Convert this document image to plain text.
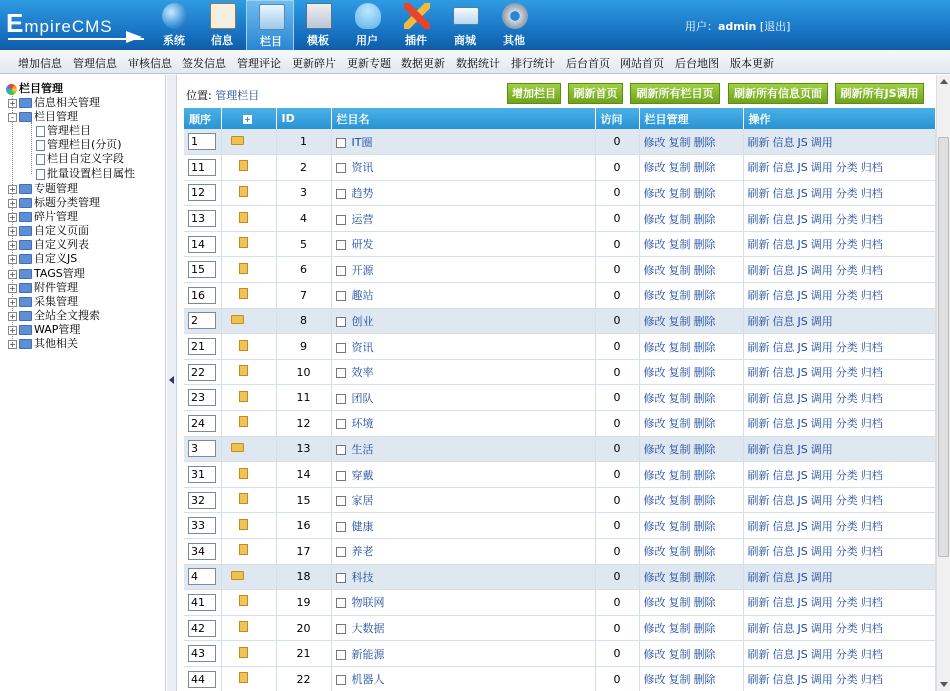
EmpireCMS
系统	信息	栏目	模板	用户	插件	商城	其他
用户：admin [退出]
增加信息 管理信息 审核信息 签发信息 管理评论 更新碎片 更新专题 数据更新 数据统计 排行统计 后台首页 网站首页 后台地图 版本更新
栏目管理
+ 信息相关管理
- 栏目管理
管理栏目
管理栏目(分页)
栏目自定义字段
批量设置栏目属性
+ 专题管理
+ 标题分类管理
+ 碎片管理
+ 自定义页面
+ 自定义列表
+ 自定义JS
+ TAGS管理
+ 附件管理
+ 采集管理
+ 全站全文搜索
+ WAP管理
+ 其他相关
位置: 管理栏目	增加栏目	刷新首页	刷新所有栏目页	刷新所有信息页面	刷新所有JS调用
顺序	+	ID	栏目名	访问	栏目管理	操作
1		1	IT圈	0	修改 复制 删除	刷新 信息 JS 调用
11		2	资讯	0	修改 复制 删除	刷新 信息 JS 调用 分类 归档
12		3	趋势	0	修改 复制 删除	刷新 信息 JS 调用 分类 归档
13		4	运营	0	修改 复制 删除	刷新 信息 JS 调用 分类 归档
14		5	研发	0	修改 复制 删除	刷新 信息 JS 调用 分类 归档
15		6	开源	0	修改 复制 删除	刷新 信息 JS 调用 分类 归档
16		7	趣站	0	修改 复制 删除	刷新 信息 JS 调用 分类 归档
2		8	创业	0	修改 复制 删除	刷新 信息 JS 调用
21		9	资讯	0	修改 复制 删除	刷新 信息 JS 调用 分类 归档
22		10	效率	0	修改 复制 删除	刷新 信息 JS 调用 分类 归档
23		11	团队	0	修改 复制 删除	刷新 信息 JS 调用 分类 归档
24		12	环境	0	修改 复制 删除	刷新 信息 JS 调用 分类 归档
3		13	生活	0	修改 复制 删除	刷新 信息 JS 调用
31		14	穿戴	0	修改 复制 删除	刷新 信息 JS 调用 分类 归档
32		15	家居	0	修改 复制 删除	刷新 信息 JS 调用 分类 归档
33		16	健康	0	修改 复制 删除	刷新 信息 JS 调用 分类 归档
34		17	养老	0	修改 复制 删除	刷新 信息 JS 调用 分类 归档
4		18	科技	0	修改 复制 删除	刷新 信息 JS 调用
41		19	物联网	0	修改 复制 删除	刷新 信息 JS 调用 分类 归档
42		20	大数据	0	修改 复制 删除	刷新 信息 JS 调用 分类 归档
43		21	新能源	0	修改 复制 删除	刷新 信息 JS 调用 分类 归档
44		22	机器人	0	修改 复制 删除	刷新 信息 JS 调用 分类 归档
